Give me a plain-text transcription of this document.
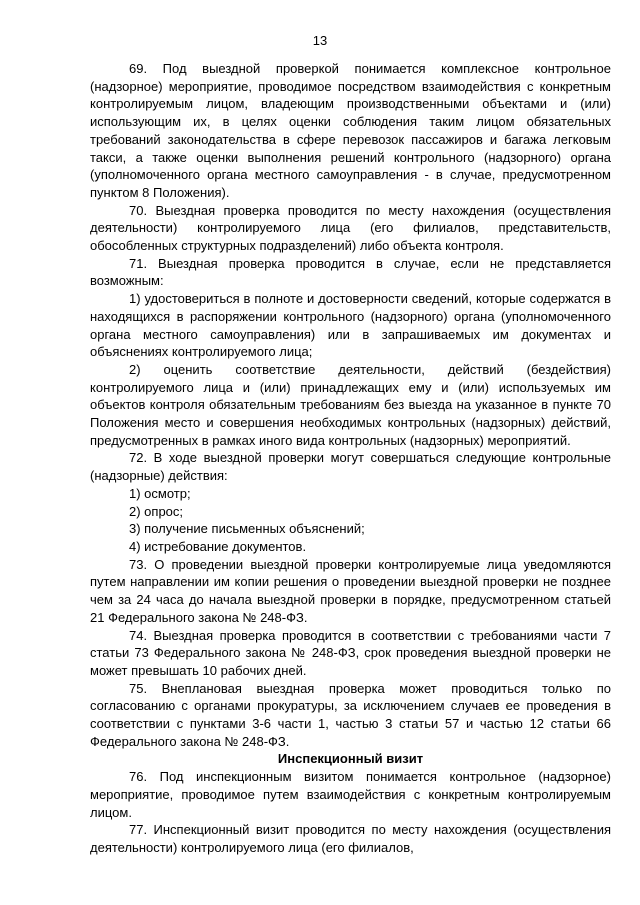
13

69. Под выездной проверкой понимается комплексное контрольное (надзорное) мероприятие, проводимое посредством взаимодействия с конкретным контролируемым лицом, владеющим производственными объектами и (или) использующим их, в целях оценки соблюдения таким лицом обязательных требований законодательства в сфере перевозок пассажиров и багажа легковым такси, а также оценки выполнения решений контрольного (надзорного) органа (уполномоченного органа местного самоуправления - в случае, предусмотренном пунктом 8 Положения).

70. Выездная проверка проводится по месту нахождения (осуществления деятельности) контролируемого лица (его филиалов, представительств, обособленных структурных подразделений) либо объекта контроля.

71. Выездная проверка проводится в случае, если не представляется возможным:

1) удостовериться в полноте и достоверности сведений, которые содержатся в находящихся в распоряжении контрольного (надзорного) органа (уполномоченного органа местного самоуправления) или в запрашиваемых им документах и объяснениях контролируемого лица;

2) оценить соответствие деятельности, действий (бездействия) контролируемого лица и (или) принадлежащих ему и (или) используемых им объектов контроля обязательным требованиям без выезда на указанное в пункте 70 Положения место и совершения необходимых контрольных (надзорных) действий, предусмотренных в рамках иного вида контрольных (надзорных) мероприятий.

72. В ходе выездной проверки могут совершаться следующие контрольные (надзорные) действия:

1) осмотр;

2) опрос;

3) получение письменных объяснений;

4) истребование документов.

73. О проведении выездной проверки контролируемые лица уведомляются путем направлении им копии решения о проведении выездной проверки не позднее чем за 24 часа до начала выездной проверки в порядке, предусмотренном статьей 21 Федерального закона № 248-ФЗ.

74. Выездная проверка проводится в соответствии с требованиями части 7 статьи 73 Федерального закона № 248-ФЗ, срок проведения выездной проверки не может превышать 10 рабочих дней.

75. Внеплановая выездная проверка может проводиться только по согласованию с органами прокуратуры, за исключением случаев ее проведения в соответствии с пунктами 3-6 части 1, частью 3 статьи 57 и частью 12 статьи 66 Федерального закона № 248-ФЗ.

Инспекционный визит

76. Под инспекционным визитом понимается контрольное (надзорное) мероприятие, проводимое путем взаимодействия с конкретным контролируемым лицом.

77. Инспекционный визит проводится по месту нахождения (осуществления деятельности) контролируемого лица (его филиалов,
